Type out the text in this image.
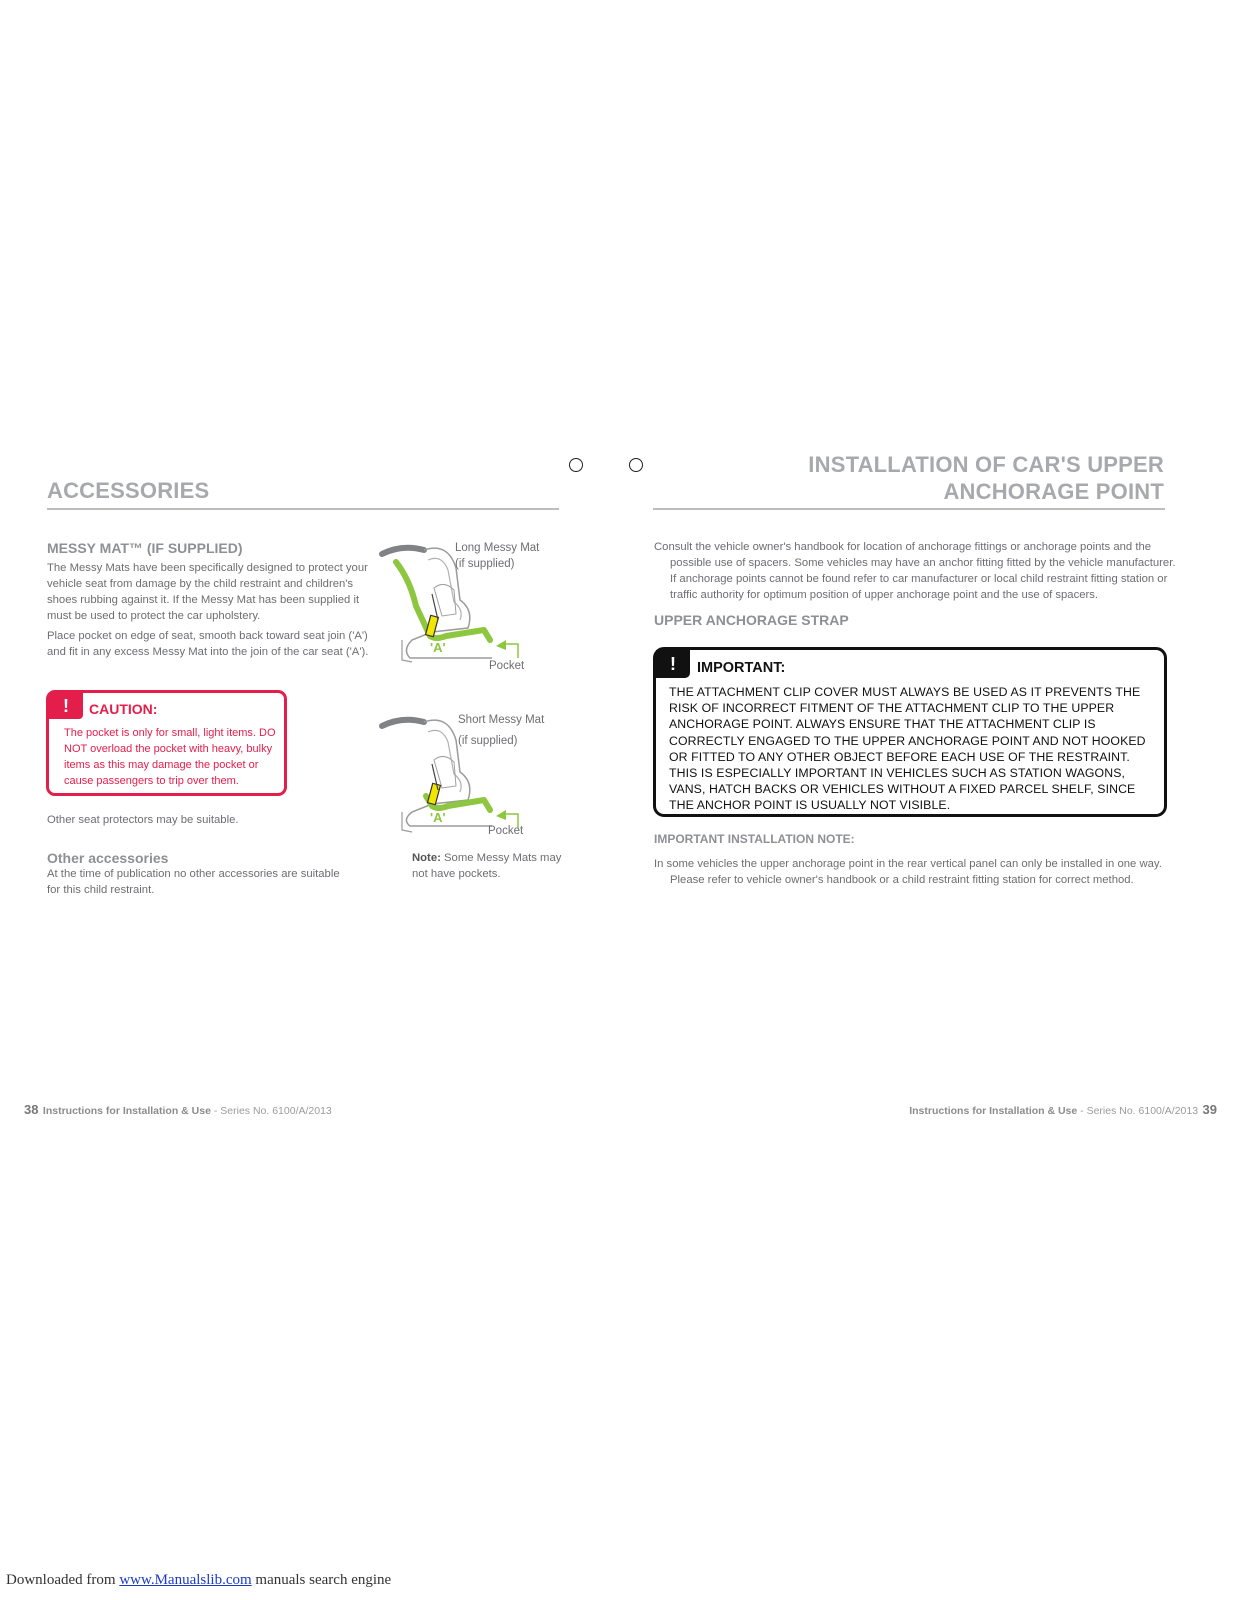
ACCESSORIES
MESSY MAT™ (IF SUPPLIED)
The Messy Mats have been specifically designed to protect your vehicle seat from damage by the child restraint and children's shoes rubbing against it. If the Messy Mat has been supplied it must be used to protect the car upholstery.
Place pocket on edge of seat, smooth back toward seat join ('A') and fit in any excess Messy Mat into the join of the car seat ('A').
!	CAUTION:
The pocket is only for small, light items. DO NOT overload the pocket with heavy, bulky items as this may damage the pocket or cause passengers to trip over them.
Other seat protectors may be suitable.
Other accessories
At the time of publication no other accessories are suitable for this child restraint.
Long Messy Mat
(if supplied)
'A'
Pocket
Short Messy Mat
(if supplied)
'A'
Pocket
Note: Some Messy Mats may not have pockets.
38 Instructions for Installation & Use - Series No. 6100/A/2013
INSTALLATION OF CAR'S UPPER
ANCHORAGE POINT
Consult the vehicle owner's handbook for location of anchorage fittings or anchorage points and the possible use of spacers. Some vehicles may have an anchor fitting fitted by the vehicle manufacturer. If anchorage points cannot be found refer to car manufacturer or local child restraint fitting station or traffic authority for optimum position of upper anchorage point and the use of spacers.
UPPER ANCHORAGE STRAP
!	IMPORTANT:
THE ATTACHMENT CLIP COVER MUST ALWAYS BE USED AS IT PREVENTS THE RISK OF INCORRECT FITMENT OF THE ATTACHMENT CLIP TO THE UPPER ANCHORAGE POINT. ALWAYS ENSURE THAT THE ATTACHMENT CLIP IS CORRECTLY ENGAGED TO THE UPPER ANCHORAGE POINT AND NOT HOOKED OR FITTED TO ANY OTHER OBJECT BEFORE EACH USE OF THE RESTRAINT. THIS IS ESPECIALLY IMPORTANT IN VEHICLES SUCH AS STATION WAGONS, VANS, HATCH BACKS OR VEHICLES WITHOUT A FIXED PARCEL SHELF, SINCE THE ANCHOR POINT IS USUALLY NOT VISIBLE.
IMPORTANT INSTALLATION NOTE:
In some vehicles the upper anchorage point in the rear vertical panel can only be installed in one way. Please refer to vehicle owner's handbook or a child restraint fitting station for correct method.
Instructions for Installation & Use - Series No. 6100/A/2013 39
Downloaded from www.Manualslib.com manuals search engine
